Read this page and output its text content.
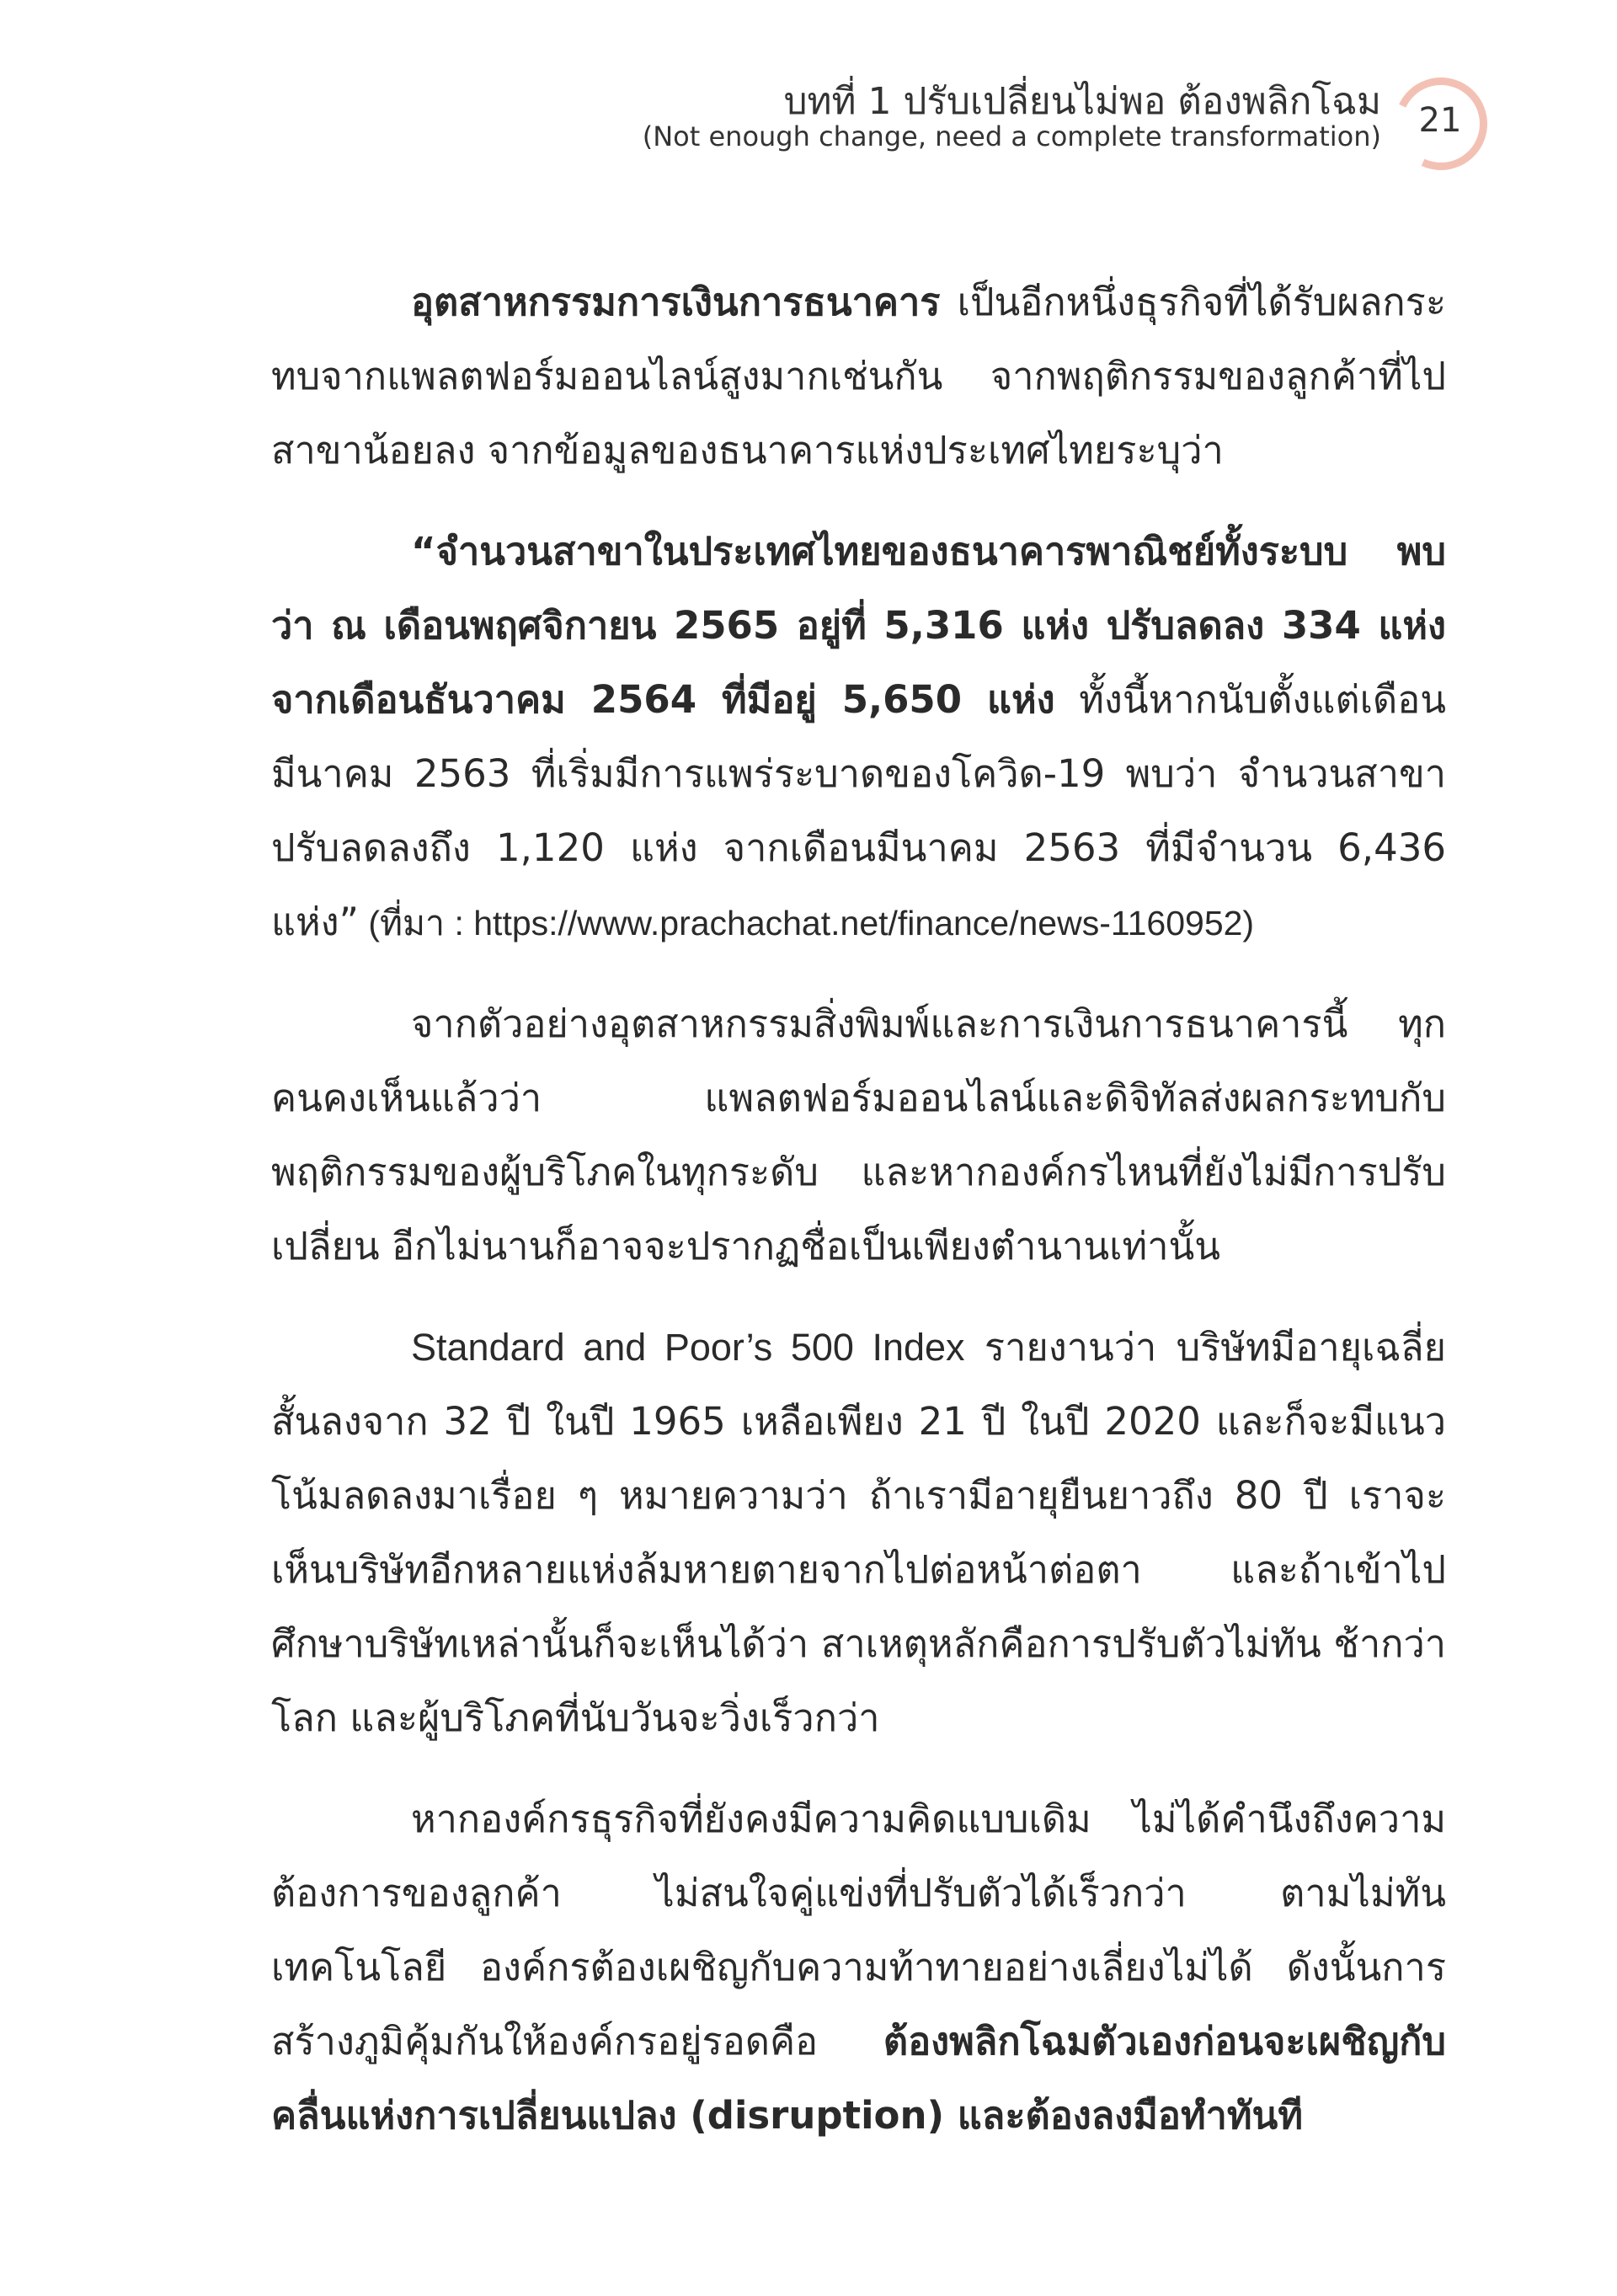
บทที่ 1 ปรับเปลี่ยนไม่พอ ต้องพลิกโฉม
(Not enough change, need a complete transformation)	21

อุตสาหกรรมการเงินการธนาคาร เป็นอีกหนึ่งธุรกิจที่ได้รับผลกระทบจากแพลตฟอร์มออนไลน์สูงมากเช่นกัน จากพฤติกรรมของลูกค้าที่ไปสาขาน้อยลง จากข้อมูลของธนาคารแห่งประเทศไทยระบุว่า

“จำนวนสาขาในประเทศไทยของธนาคารพาณิชย์ทั้งระบบ พบว่า ณ เดือนพฤศจิกายน 2565 อยู่ที่ 5,316 แห่ง ปรับลดลง 334 แห่ง จากเดือนธันวาคม 2564 ที่มีอยู่ 5,650 แห่ง ทั้งนี้หากนับตั้งแต่เดือนมีนาคม 2563 ที่เริ่มมีการแพร่ระบาดของโควิด-19 พบว่า จำนวนสาขาปรับลดลงถึง 1,120 แห่ง จากเดือนมีนาคม 2563 ที่มีจำนวน 6,436 แห่ง” (ที่มา : https://www.prachachat.net/finance/news-1160952)

จากตัวอย่างอุตสาหกรรมสิ่งพิมพ์และการเงินการธนาคารนี้ ทุกคนคงเห็นแล้วว่า แพลตฟอร์มออนไลน์และดิจิทัลส่งผลกระทบกับพฤติกรรมของผู้บริโภคในทุกระดับ และหากองค์กรไหนที่ยังไม่มีการปรับเปลี่ยน อีกไม่นานก็อาจจะปรากฏชื่อเป็นเพียงตำนานเท่านั้น

Standard and Poor’s 500 Index รายงานว่า บริษัทมีอายุเฉลี่ยสั้นลงจาก 32 ปี ในปี 1965 เหลือเพียง 21 ปี ในปี 2020 และก็จะมีแนวโน้มลดลงมาเรื่อย ๆ หมายความว่า ถ้าเรามีอายุยืนยาวถึง 80 ปี เราจะเห็นบริษัทอีกหลายแห่งล้มหายตายจากไปต่อหน้าต่อตา และถ้าเข้าไปศึกษาบริษัทเหล่านั้นก็จะเห็นได้ว่า สาเหตุหลักคือการปรับตัวไม่ทัน ช้ากว่าโลก และผู้บริโภคที่นับวันจะวิ่งเร็วกว่า

หากองค์กรธุรกิจที่ยังคงมีความคิดแบบเดิม ไม่ได้คำนึงถึงความต้องการของลูกค้า ไม่สนใจคู่แข่งที่ปรับตัวได้เร็วกว่า ตามไม่ทันเทคโนโลยี องค์กรต้องเผชิญกับความท้าทายอย่างเลี่ยงไม่ได้ ดังนั้นการสร้างภูมิคุ้มกันให้องค์กรอยู่รอดคือ ต้องพลิกโฉมตัวเองก่อนจะเผชิญกับคลื่นแห่งการเปลี่ยนแปลง (disruption) และต้องลงมือทำทันที
